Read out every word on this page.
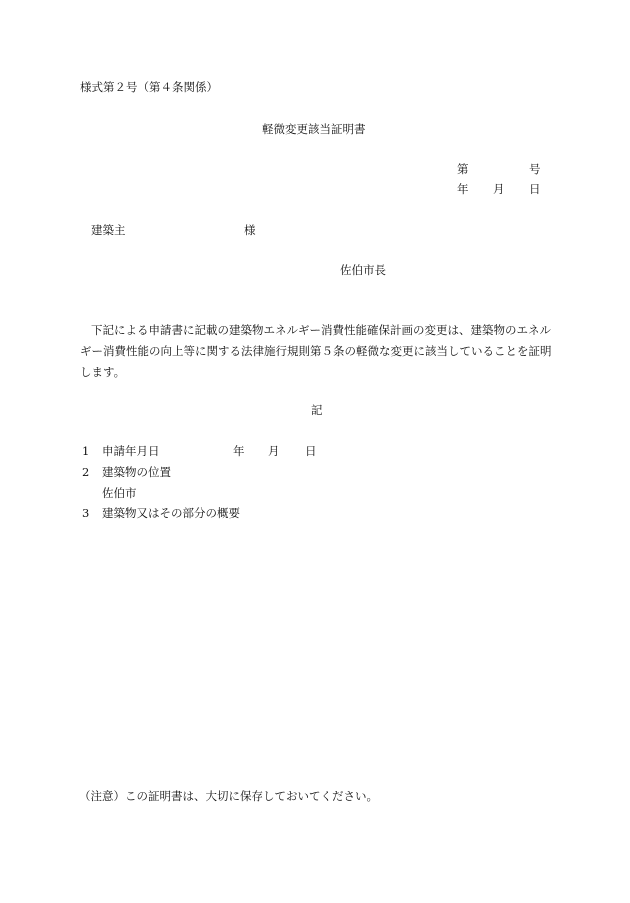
様式第２号（第４条関係）
軽微変更該当証明書
第	号
年 月 日
建築主	様
佐伯市長
下記による申請書に記載の建築物エネルギー消費性能確保計画の変更は、建築物のエネルギー消費性能の向上等に関する法律施行規則第５条の軽微な変更に該当していることを証明します。
記
1 申請年月日	年 月 日
2 建築物の位置
佐伯市
3 建築物又はその部分の概要
（注意）この証明書は、大切に保存しておいてください。
